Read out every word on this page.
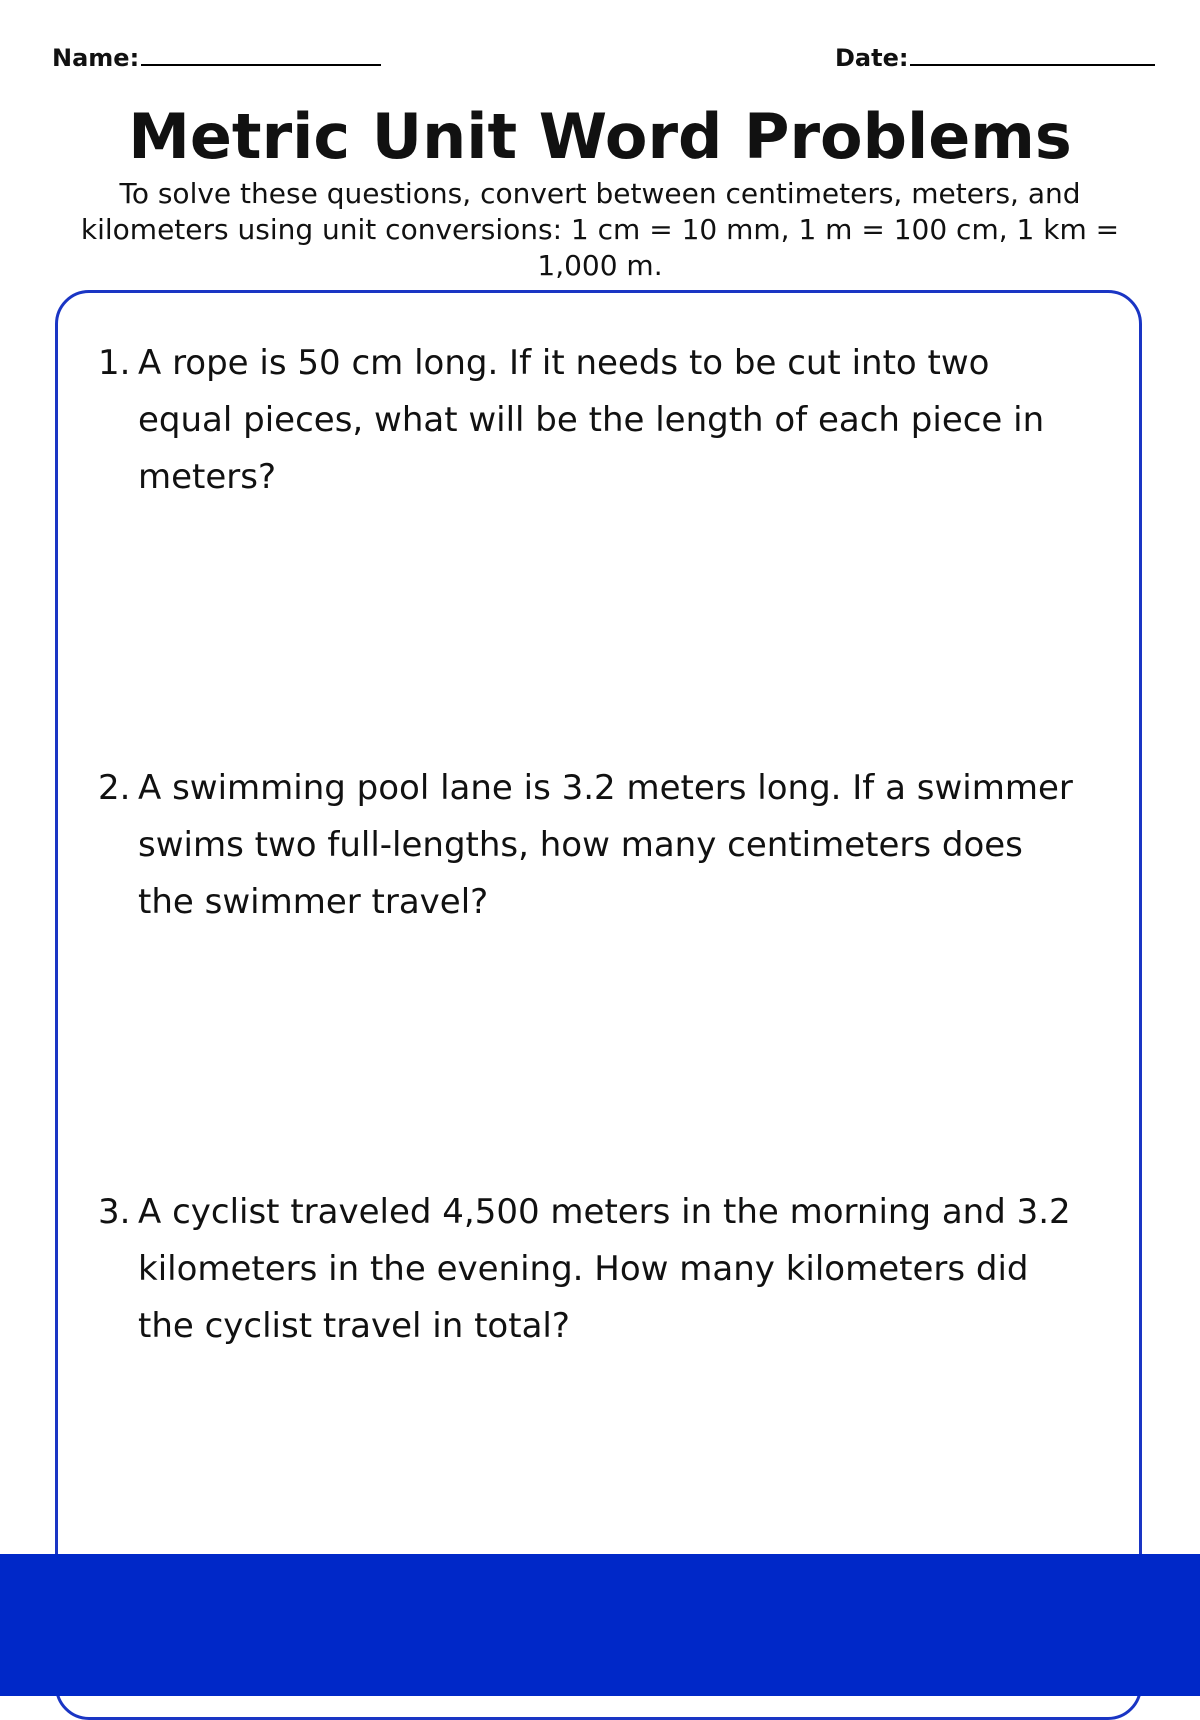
Name:	Date:
Metric Unit Word Problems

To solve these questions, convert between centimeters, meters, and kilometers using unit conversions: 1 cm = 10 mm, 1 m = 100 cm, 1 km = 1,000 m.

1. A rope is 50 cm long. If it needs to be cut into two equal pieces, what will be the length of each piece in meters?
2. A swimming pool lane is 3.2 meters long. If a swimmer swims two full-lengths, how many centimeters does the swimmer travel?
3. A cyclist traveled 4,500 meters in the morning and 3.2 kilometers in the evening. How many kilometers did the cyclist travel in total?
